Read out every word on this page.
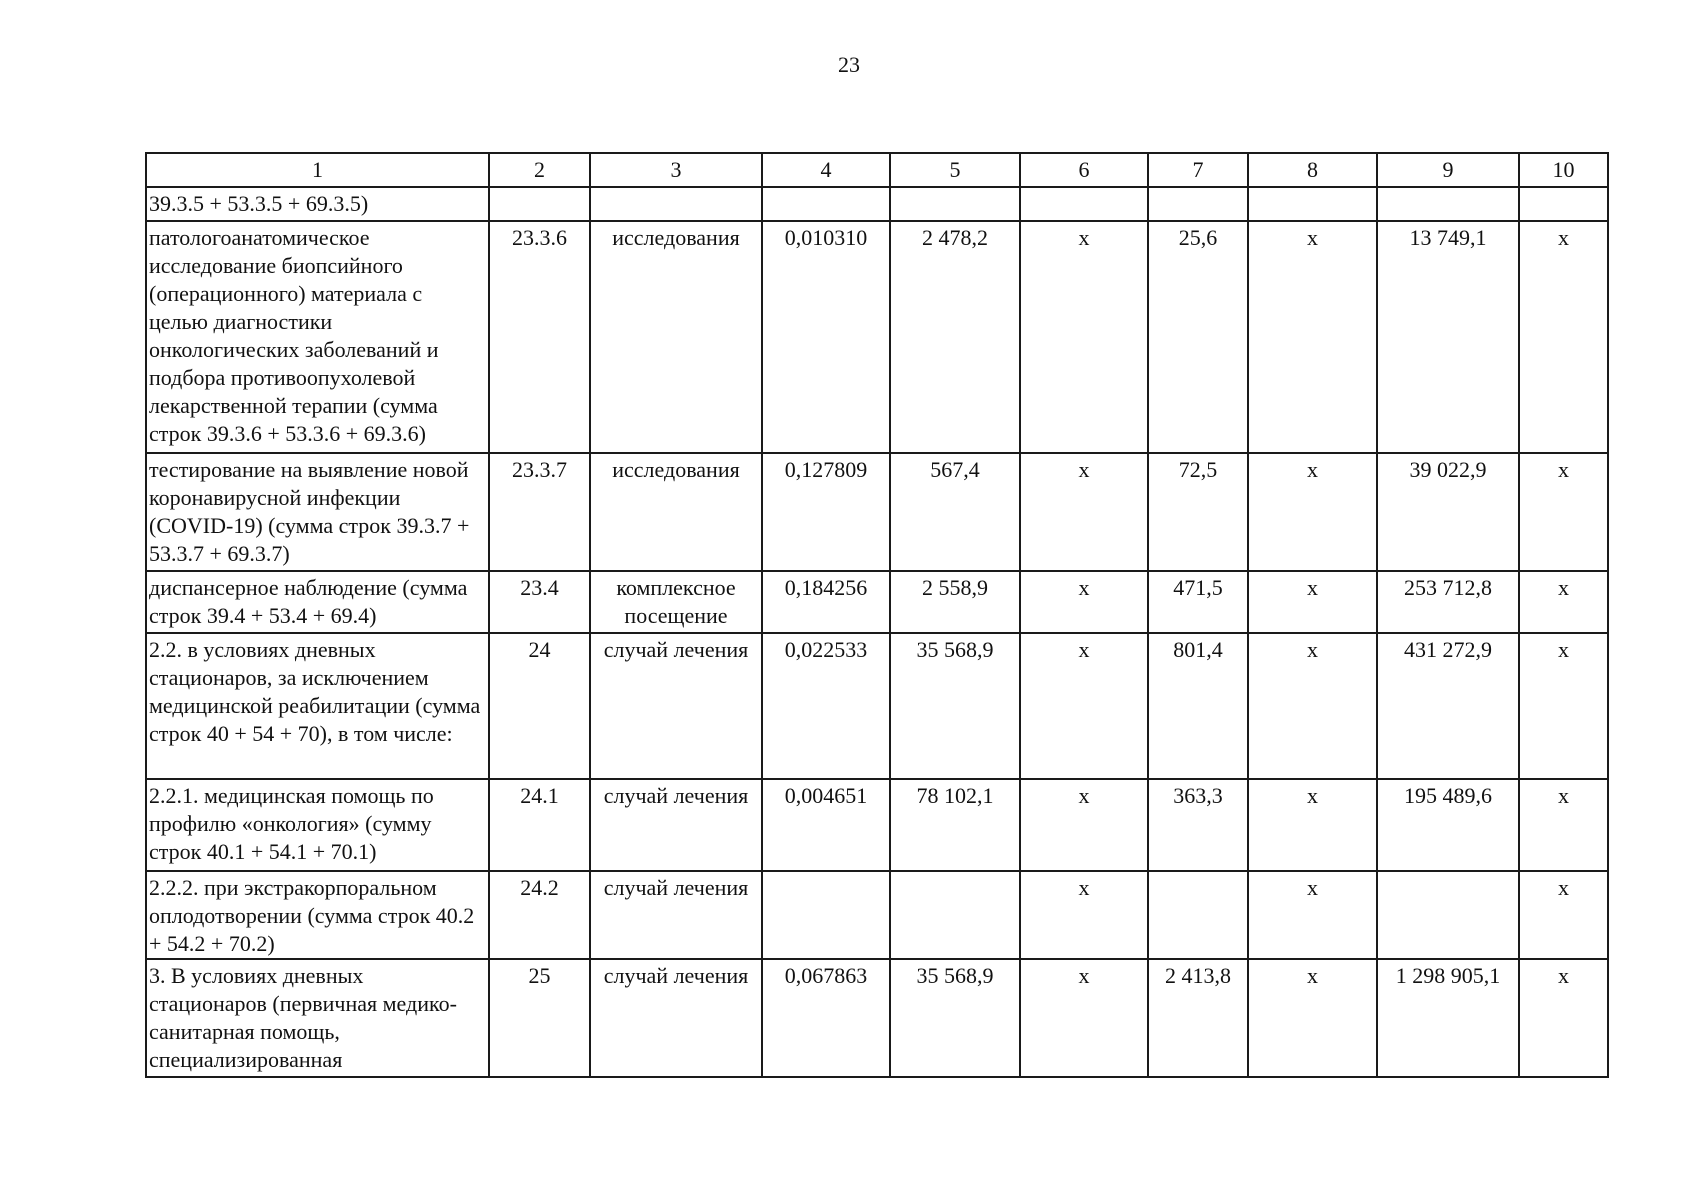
23
1	2	3	4	5	6	7	8	9	10
39.3.5 + 53.3.5 + 69.3.5)									
патологоанатомическое исследование биопсийного (операционного) материала с целью диагностики онкологических заболеваний и подбора противоопухолевой лекарственной терапии (сумма строк 39.3.6 + 53.3.6 + 69.3.6)	23.3.6	исследования	0,010310	2 478,2	x	25,6	x	13 749,1	x
тестирование на выявление новой коронавирусной инфекции (COVID-19) (сумма строк 39.3.7 + 53.3.7 + 69.3.7)	23.3.7	исследования	0,127809	567,4	x	72,5	x	39 022,9	x
диспансерное наблюдение (сумма строк 39.4 + 53.4 + 69.4)	23.4	комплексное посещение	0,184256	2 558,9	x	471,5	x	253 712,8	x
2.2. в условиях дневных стационаров, за исключением медицинской реабилитации (сумма строк 40 + 54 + 70), в том числе:	24	случай лечения	0,022533	35 568,9	x	801,4	x	431 272,9	x
2.2.1. медицинская помощь по профилю «онкология» (сумму строк 40.1 + 54.1 + 70.1)	24.1	случай лечения	0,004651	78 102,1	x	363,3	x	195 489,6	x
2.2.2. при экстракорпоральном оплодотворении (сумма строк 40.2 + 54.2 + 70.2)	24.2	случай лечения			x		x		x
3. В условиях дневных стационаров (первичная медико-санитарная помощь, специализированная	25	случай лечения	0,067863	35 568,9	x	2 413,8	x	1 298 905,1	x
